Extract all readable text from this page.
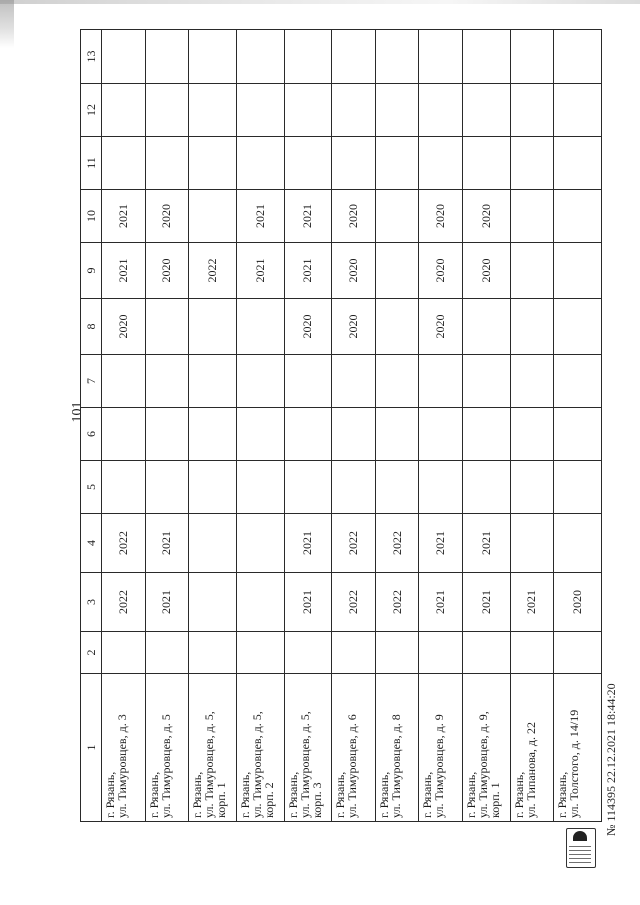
101
1	2	3	4	5	6	7	8	9	10	11	12	13

г. Рязань,
ул. Тимуровцев, д. 3		2022	2022				2020	2021	2021			

г. Рязань,
ул. Тимуровцев, д. 5		2021	2021					2020	2020			

г. Рязань,
ул. Тимуровцев, д. 5,
корп. 1								2022				

г. Рязань,
ул. Тимуровцев, д. 5,
корп. 2								2021	2021			

г. Рязань,
ул. Тимуровцев, д. 5,
корп. 3		2021	2021				2020	2021	2021			

г. Рязань,
ул. Тимуровцев, д. 6		2022	2022				2020	2020	2020			

г. Рязань,
ул. Тимуровцев, д. 8		2022	2022									

г. Рязань,
ул. Тимуровцев, д. 9		2021	2021				2020	2020	2020			

г. Рязань,
ул. Тимуровцев, д. 9,
корп. 1		2021	2021					2020	2020			

г. Рязань,
ул. Типанова, д. 22		2021										

г. Рязань,
ул. Толстого, д. 14/19		2020										
№ 114395 22.12.2021 18:44:20
